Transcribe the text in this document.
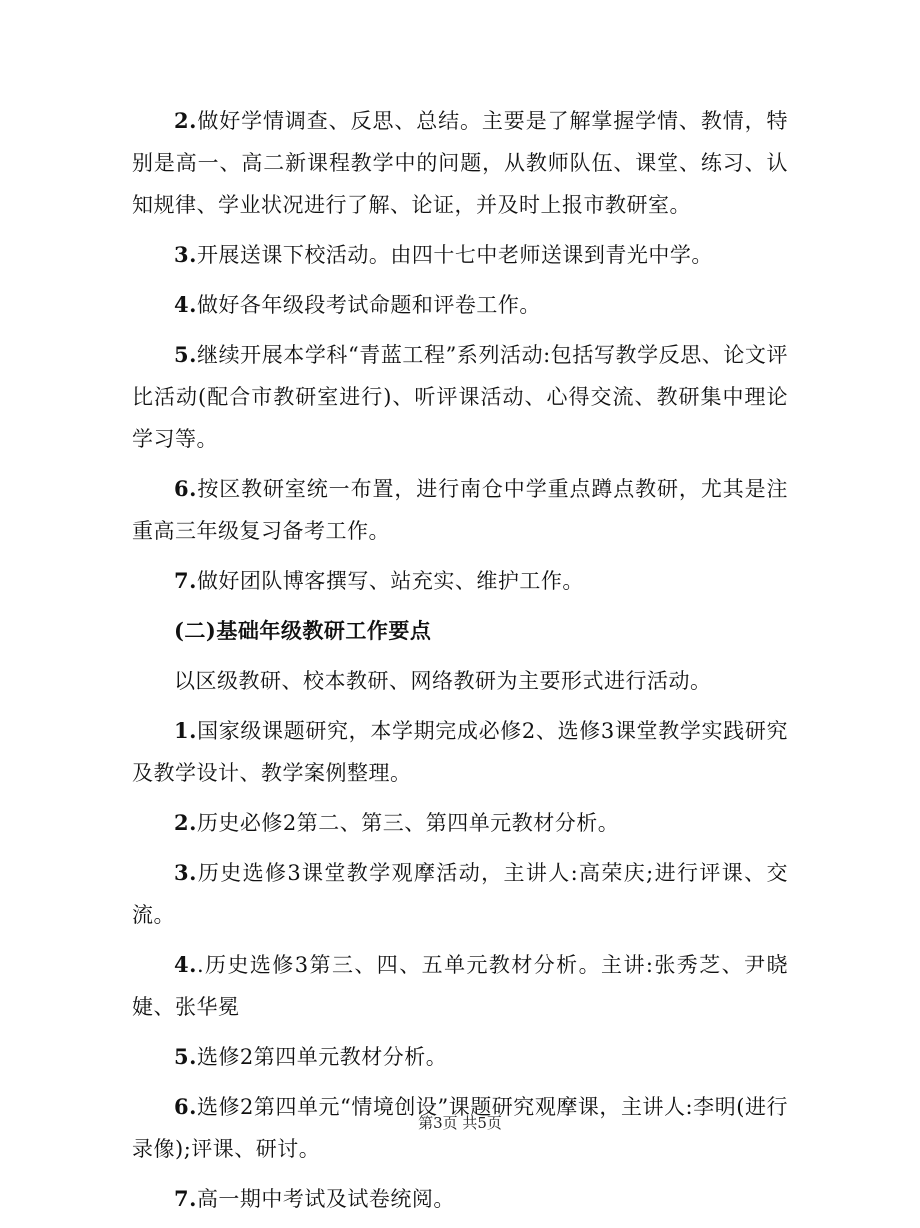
2.做好学情调查、反思、总结。主要是了解掌握学情、教情，特别是高一、高二新课程教学中的问题，从教师队伍、课堂、练习、认知规律、学业状况进行了解、论证，并及时上报市教研室。

3.开展送课下校活动。由四十七中老师送课到青光中学。

4.做好各年级段考试命题和评卷工作。

5.继续开展本学科“青蓝工程”系列活动:包括写教学反思、论文评比活动(配合市教研室进行)、听评课活动、心得交流、教研集中理论学习等。

6.按区教研室统一布置，进行南仓中学重点蹲点教研，尤其是注重高三年级复习备考工作。

7.做好团队博客撰写、站充实、维护工作。

(二)基础年级教研工作要点

以区级教研、校本教研、网络教研为主要形式进行活动。

1.国家级课题研究，本学期完成必修2、选修3课堂教学实践研究及教学设计、教学案例整理。

2.历史必修2第二、第三、第四单元教材分析。

3.历史选修3课堂教学观摩活动，主讲人:高荣庆;进行评课、交流。

4..历史选修3第三、四、五单元教材分析。主讲:张秀芝、尹晓婕、张华冕

5.选修2第四单元教材分析。

6.选修2第四单元“情境创设”课题研究观摩课，主讲人:李明(进行录像);评课、研讨。

7.高一期中考试及试卷统阅。

第3页 共5页
